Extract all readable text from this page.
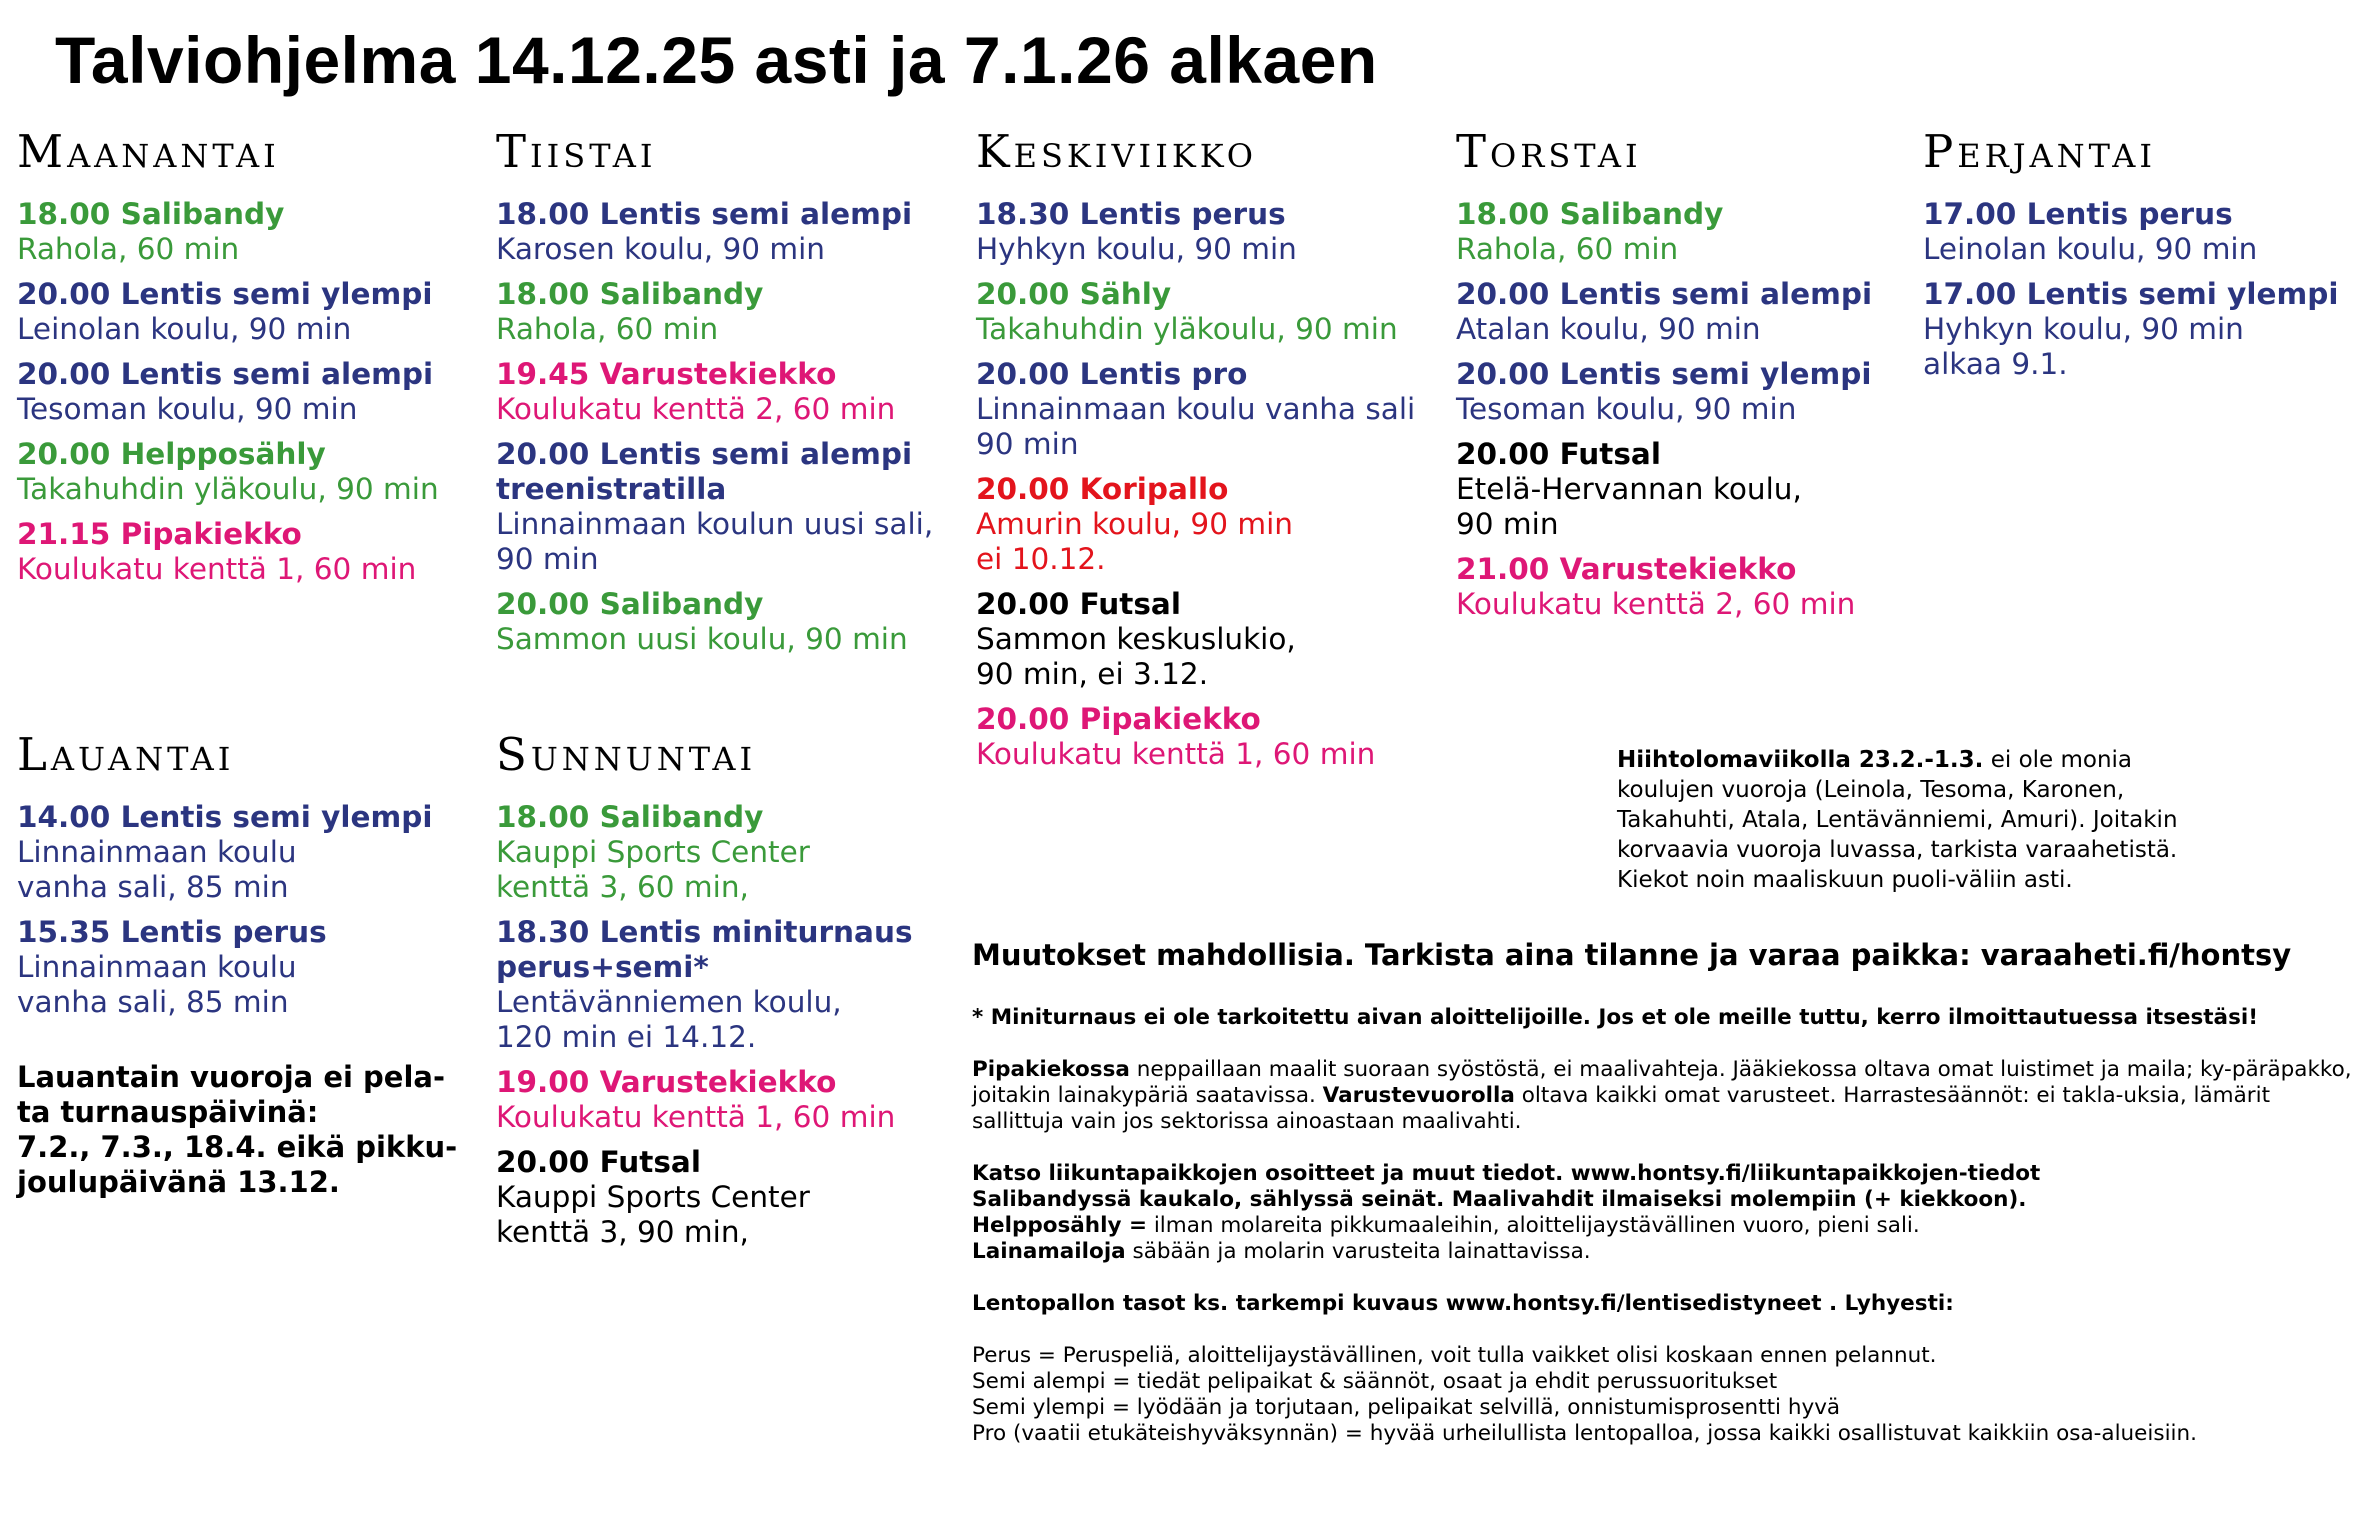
Talviohjelma 14.12.25 asti ja 7.1.26 alkaen
Maanantai
18.00 Salibandy
Rahola, 60 min
20.00 Lentis semi ylempi
Leinolan koulu, 90 min
20.00 Lentis semi alempi
Tesoman koulu, 90 min
20.00 Helpposähly
Takahuhdin yläkoulu, 90 min
21.15 Pipakiekko
Koulukatu kenttä 1, 60 min
Tiistai
18.00 Lentis semi alempi
Karosen koulu, 90 min
18.00 Salibandy
Rahola, 60 min
19.45 Varustekiekko
Koulukatu kenttä 2, 60 min
20.00 Lentis semi alempi
treenistratilla
Linnainmaan koulun uusi sali,
90 min
20.00 Salibandy
Sammon uusi koulu, 90 min
Keskiviikko
18.30 Lentis perus
Hyhkyn koulu, 90 min
20.00 Sähly
Takahuhdin yläkoulu, 90 min
20.00 Lentis pro
Linnainmaan koulu vanha sali
90 min
20.00 Koripallo
Amurin koulu, 90 min
ei 10.12.
20.00 Futsal
Sammon keskuslukio,
90 min, ei 3.12.
20.00 Pipakiekko
Koulukatu kenttä 1, 60 min
Torstai
18.00 Salibandy
Rahola, 60 min
20.00 Lentis semi alempi
Atalan koulu, 90 min
20.00 Lentis semi ylempi
Tesoman koulu, 90 min
20.00 Futsal
Etelä-Hervannan koulu,
90 min
21.00 Varustekiekko
Koulukatu kenttä 2, 60 min
Perjantai
17.00 Lentis perus
Leinolan koulu, 90 min
17.00 Lentis semi ylempi
Hyhkyn koulu, 90 min
alkaa 9.1.
Lauantai
14.00 Lentis semi ylempi
Linnainmaan koulu
vanha sali, 85 min
15.35 Lentis perus
Linnainmaan koulu
vanha sali, 85 min
Lauantain vuoroja ei pela-
ta turnauspäivinä:
7.2., 7.3., 18.4. eikä pikku-
joulupäivänä 13.12.
Sunnuntai
18.00 Salibandy
Kauppi Sports Center
kenttä 3, 60 min,
18.30 Lentis miniturnaus
perus+semi*
Lentävänniemen koulu,
120 min ei 14.12.
19.00 Varustekiekko
Koulukatu kenttä 1, 60 min
20.00 Futsal
Kauppi Sports Center
kenttä 3, 90 min,
Hiihtolomaviikolla 23.2.-1.3. ei ole monia koulujen vuoroja (Leinola, Tesoma, Karonen, Takahuhti, Atala, Lentävänniemi, Amuri). Joitakin korvaavia vuoroja luvassa, tarkista varaahetistä. Kiekot noin maaliskuun puoli-väliin asti.
Muutokset mahdollisia. Tarkista aina tilanne ja varaa paikka: varaaheti.fi/hontsy

* Miniturnaus ei ole tarkoitettu aivan aloittelijoille. Jos et ole meille tuttu, kerro ilmoittautuessa itsestäsi!

Pipakiekossa neppaillaan maalit suoraan syöstöstä, ei maalivahteja. Jääkiekossa oltava omat luistimet ja maila; ky-päräpakko, joitakin lainakypäriä saatavissa. Varustevuorolla oltava kaikki omat varusteet. Harrastesäännöt: ei takla-uksia, lämärit sallittuja vain jos sektorissa ainoastaan maalivahti.

Katso liikuntapaikkojen osoitteet ja muut tiedot. www.hontsy.fi/liikuntapaikkojen-tiedot
Salibandyssä kaukalo, sählyssä seinät. Maalivahdit ilmaiseksi molempiin (+ kiekkoon).
Helpposähly = ilman molareita pikkumaaleihin, aloittelijaystävällinen vuoro, pieni sali.
Lainamailoja säbään ja molarin varusteita lainattavissa.
Lentopallon tasot ks. tarkempi kuvaus www.hontsy.fi/lentisedistyneet . Lyhyesti:
Perus = Peruspeliä, aloittelijaystävällinen, voit tulla vaikket olisi koskaan ennen pelannut.
Semi alempi = tiedät pelipaikat & säännöt, osaat ja ehdit perussuoritukset
Semi ylempi = lyödään ja torjutaan, pelipaikat selvillä, onnistumisprosentti hyvä
Pro (vaatii etukäteishyväksynnän) = hyvää urheilullista lentopalloa, jossa kaikki osallistuvat kaikkiin osa-alueisiin.
